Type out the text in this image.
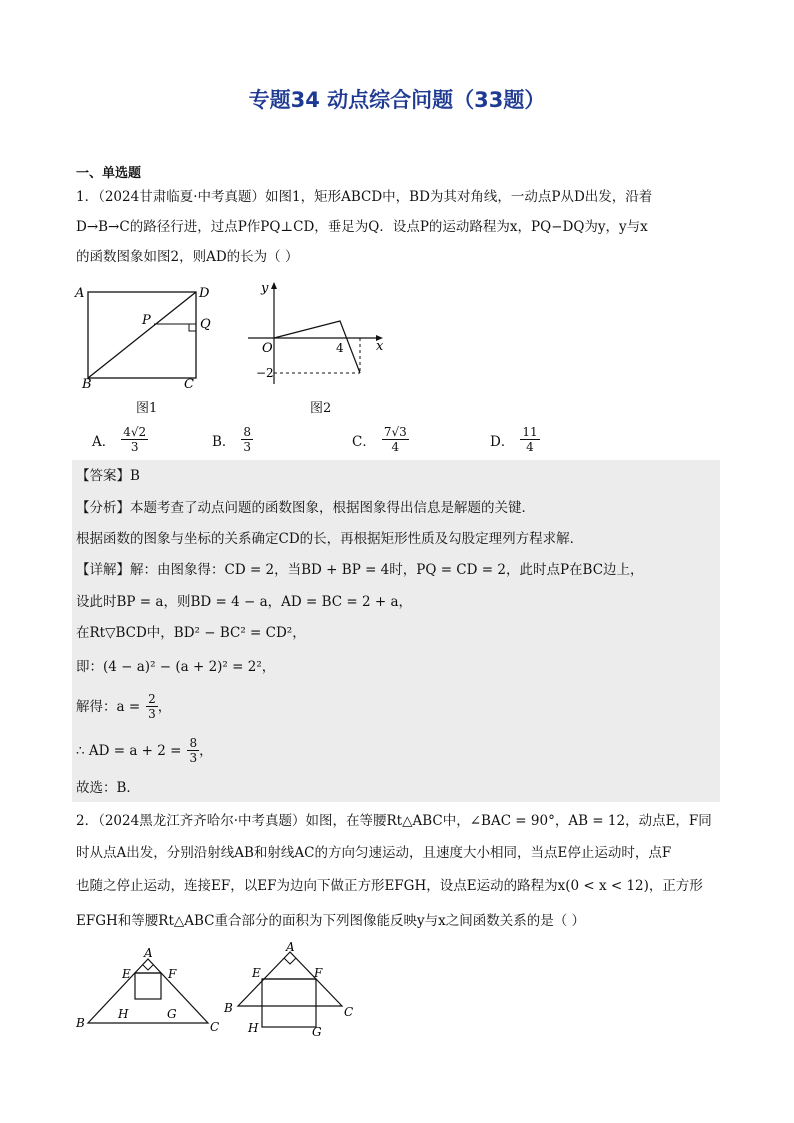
专题34 动点综合问题（33题）
一、单选题
1．（2024甘肃临夏·中考真题）如图1，矩形ABCD中，BD为其对角线，一动点P从D出发，沿着
D→B→C的路径行进，过点P作PQ⊥CD，垂足为Q．设点P的运动路程为x，PQ−DQ为y，y与x
的函数图象如图2，则AD的长为（ ）
A	D
B	C
P	Q
图1
y
x
O	4
−2
图2
A． $\frac{4√2}{3}$	B． $\frac{8}{3}$	C． $\frac{7√3}{4}$	D． $\frac{11}{4}$
【答案】B
【分析】本题考查了动点问题的函数图象，根据图象得出信息是解题的关键．
根据函数的图象与坐标的关系确定CD的长，再根据矩形性质及勾股定理列方程求解．
【详解】解：由图象得：CD = 2，当BD + BP = 4时，PQ = CD = 2，此时点P在BC边上，
设此时BP = a，则BD = 4 − a，AD = BC = 2 + a，
在Rt▽BCD中，BD² − BC² = CD²，
即：(4 − a)² − (a + 2)² = 2²，
解得：$a = \frac{2}{3}$ ，
∴ AD = $a + 2 = \frac{8}{3}$ ，
故选：B．
2．（2024黑龙江齐齐哈尔·中考真题）如图，在等腰Rt△ABC中，∠BAC = 90°，AB = 12，动点E，F同
时从点A出发，分别沿射线AB和射线AC的方向匀速运动，且速度大小相同，当点E停止运动时，点F
也随之停止运动，连接EF，以EF为边向下做正方形EFGH，设点E运动的路程为x(0 < x < 12)，正方形
EFGH和等腰Rt△ABC重合部分的面积为下列图像能反映y与x之间函数关系的是（ ）
A
E	F
H	G
B	C
A
E	F
B	C
H	G
